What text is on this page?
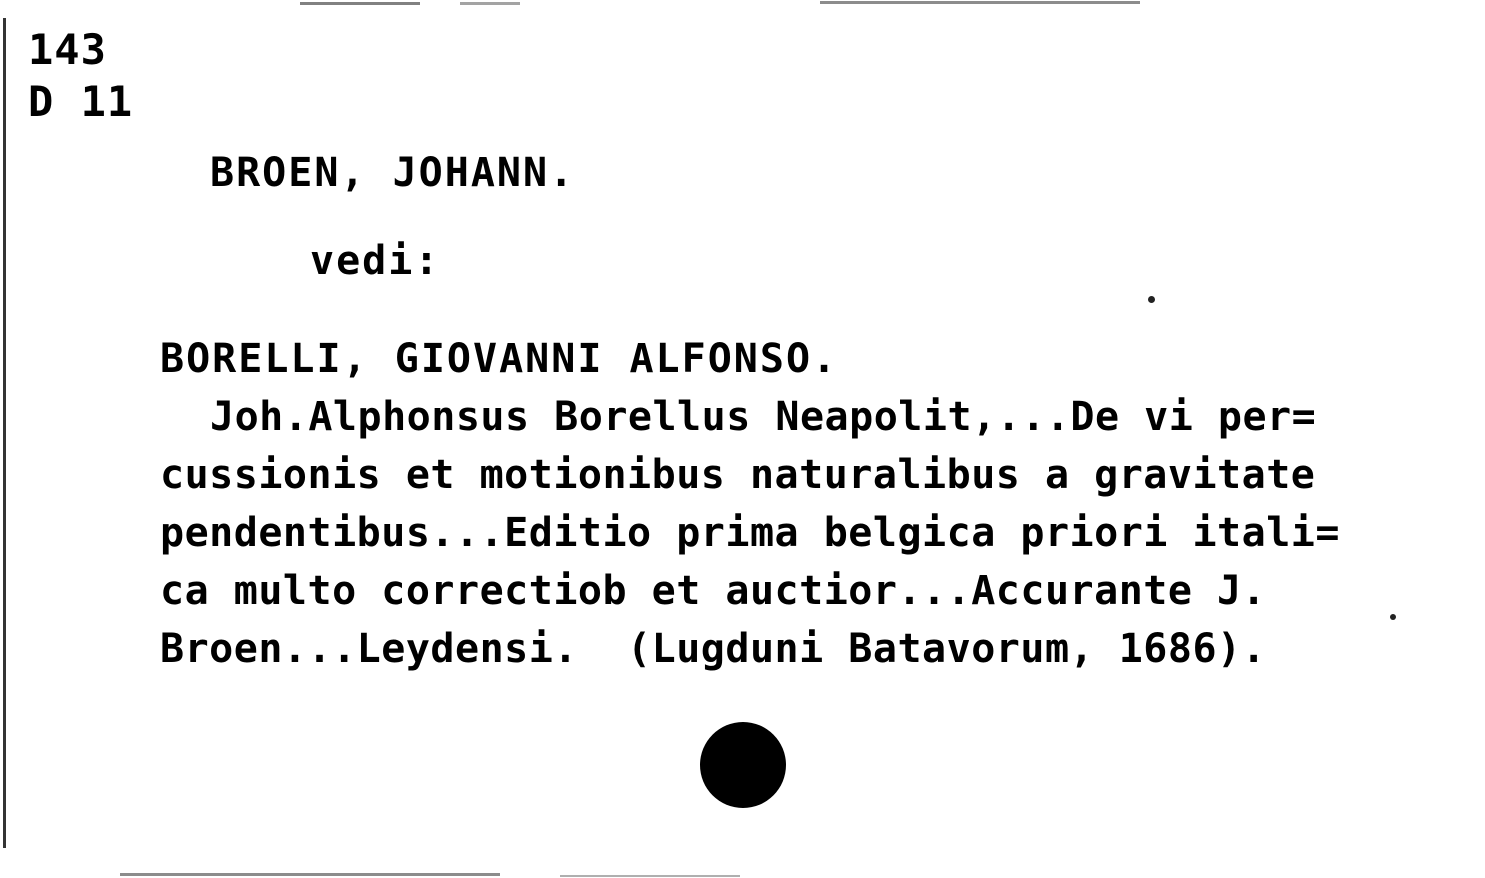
143
D 11
BROEN, JOHANN.
vedi:
BORELLI, GIOVANNI ALFONSO.
Joh.Alphonsus Borellus Neapolit,...De vi per=
cussionis et motionibus naturalibus a gravitate
pendentibus...Editio prima belgica priori itali=
ca multo correctiob et auctior...Accurante J.
Broen...Leydensi.  (Lugduni Batavorum, 1686).
